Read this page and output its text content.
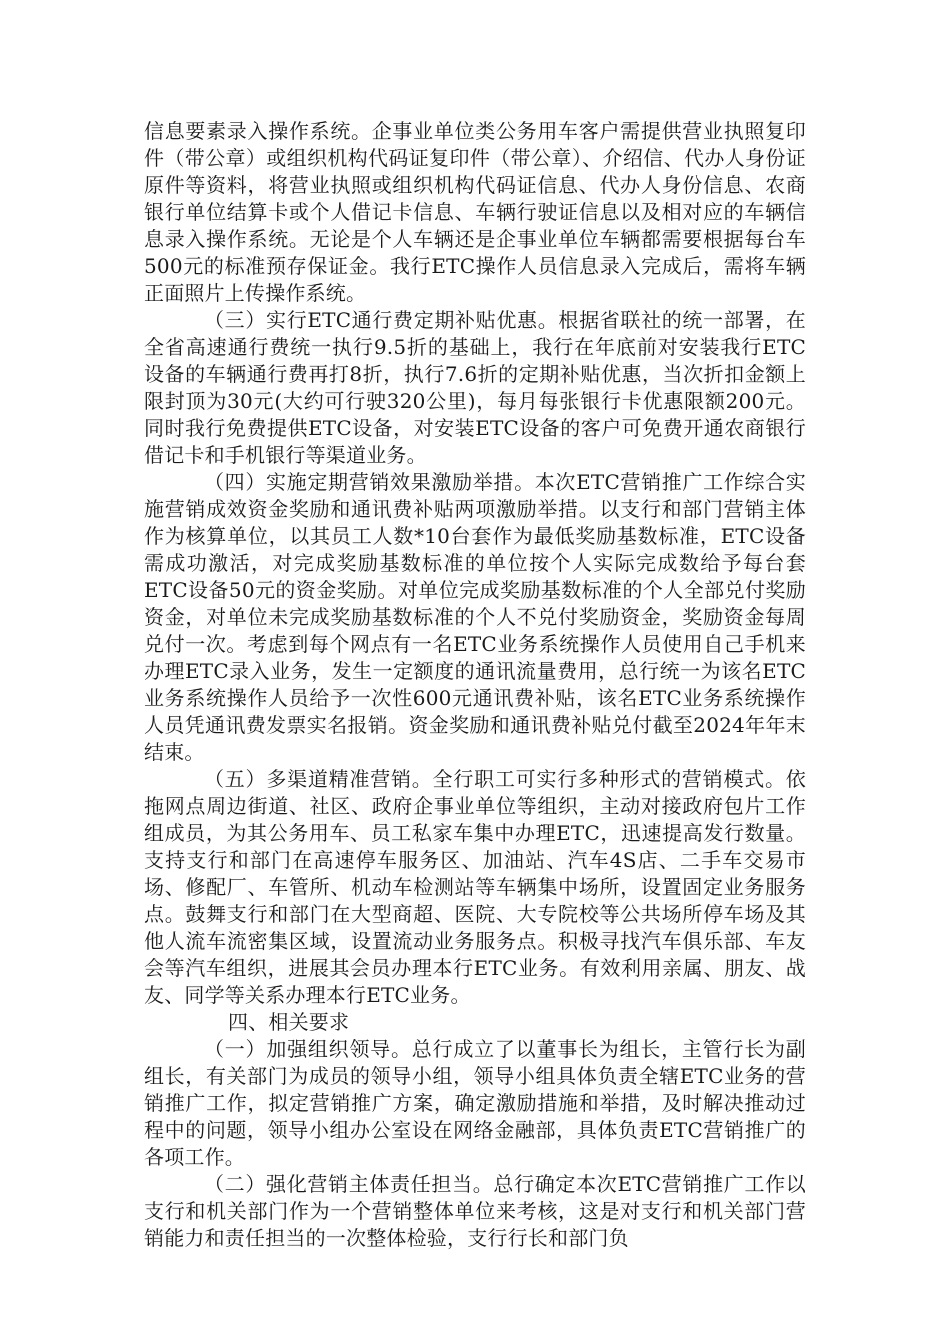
信息要素录入操作系统。企事业单位类公务用车客户需提供营业执照复印件（带公章）或组织机构代码证复印件（带公章）、介绍信、代办人身份证原件等资料，将营业执照或组织机构代码证信息、代办人身份信息、农商银行单位结算卡或个人借记卡信息、车辆行驶证信息以及相对应的车辆信息录入操作系统。无论是个人车辆还是企事业单位车辆都需要根据每台车500元的标准预存保证金。我行ETC操作人员信息录入完成后，需将车辆正面照片上传操作系统。

（三）实行ETC通行费定期补贴优惠。根据省联社的统一部署，在全省高速通行费统一执行9.5折的基础上，我行在年底前对安装我行ETC设备的车辆通行费再打8折，执行7.6折的定期补贴优惠，当次折扣金额上限封顶为30元(大约可行驶320公里)，每月每张银行卡优惠限额200元。同时我行免费提供ETC设备，对安装ETC设备的客户可免费开通农商银行借记卡和手机银行等渠道业务。

（四）实施定期营销效果激励举措。本次ETC营销推广工作综合实施营销成效资金奖励和通讯费补贴两项激励举措。以支行和部门营销主体作为核算单位，以其员工人数*10台套作为最低奖励基数标准，ETC设备需成功激活，对完成奖励基数标准的单位按个人实际完成数给予每台套ETC设备50元的资金奖励。对单位完成奖励基数标准的个人全部兑付奖励资金，对单位未完成奖励基数标准的个人不兑付奖励资金，奖励资金每周兑付一次。考虑到每个网点有一名ETC业务系统操作人员使用自己手机来办理ETC录入业务，发生一定额度的通讯流量费用，总行统一为该名ETC业务系统操作人员给予一次性600元通讯费补贴，该名ETC业务系统操作人员凭通讯费发票实名报销。资金奖励和通讯费补贴兑付截至2024年年末结束。

（五）多渠道精准营销。全行职工可实行多种形式的营销模式。依拖网点周边街道、社区、政府企事业单位等组织，主动对接政府包片工作组成员，为其公务用车、员工私家车集中办理ETC，迅速提高发行数量。支持支行和部门在高速停车服务区、加油站、汽车4S店、二手车交易市场、修配厂、车管所、机动车检测站等车辆集中场所，设置固定业务服务点。鼓舞支行和部门在大型商超、医院、大专院校等公共场所停车场及其他人流车流密集区域，设置流动业务服务点。积极寻找汽车俱乐部、车友会等汽车组织，进展其会员办理本行ETC业务。有效利用亲属、朋友、战友、同学等关系办理本行ETC业务。

四、相关要求

（一）加强组织领导。总行成立了以董事长为组长，主管行长为副组长，有关部门为成员的领导小组，领导小组具体负责全辖ETC业务的营销推广工作，拟定营销推广方案，确定激励措施和举措，及时解决推动过程中的问题，领导小组办公室设在网络金融部，具体负责ETC营销推广的各项工作。

（二）强化营销主体责任担当。总行确定本次ETC营销推广工作以支行和机关部门作为一个营销整体单位来考核，这是对支行和机关部门营销能力和责任担当的一次整体检验，支行行长和部门负
